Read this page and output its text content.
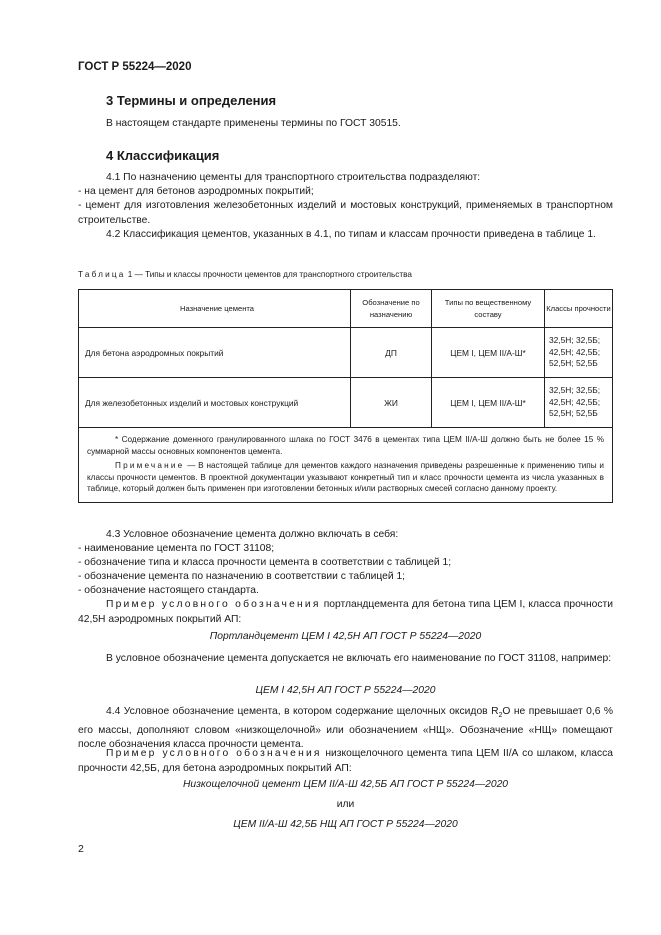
ГОСТ Р 55224—2020
3 Термины и определения
В настоящем стандарте применены термины по ГОСТ 30515.
4 Классификация
4.1 По назначению цементы для транспортного строительства подразделяют:
- на цемент для бетонов аэродромных покрытий;
- цемент для изготовления железобетонных изделий и мостовых конструкций, применяемых в транспортном строительстве.
4.2 Классификация цементов, указанных в 4.1, по типам и классам прочности приведена в таблице 1.
Таблица 1 — Типы и классы прочности цементов для транспортного строительства
Назначение цемента	Обозначение по назначению	Типы по вещественному составу	Классы прочности
Для бетона аэродромных покрытий	ДП	ЦЕМ I, ЦЕМ II/А-Ш*	32,5Н; 32,5Б;
42,5Н; 42,5Б;
52,5Н; 52,5Б

Для железобетонных изделий и мостовых конструкций	ЖИ	ЦЕМ I, ЦЕМ II/А-Ш*	32,5Н; 32,5Б;
42,5Н; 42,5Б;
52,5Н; 52,5Б

* Содержание доменного гранулированного шлака по ГОСТ 3476 в цементах типа ЦЕМ II/А-Ш должно быть не более 15 % суммарной массы основных компонентов цемента.

Примечание — В настоящей таблице для цементов каждого назначения приведены разрешенные к применению типы и классы прочности цементов. В проектной документации указывают конкретный тип и класс прочности цемента из числа указанных в таблице, который должен быть применен при изготовлении бетонных и/или растворных смесей согласно данному проекту.			

4.3 Условное обозначение цемента должно включать в себя:
- наименование цемента по ГОСТ 31108;
- обозначение типа и класса прочности цемента в соответствии с таблицей 1;
- обозначение цемента по назначению в соответствии с таблицей 1;
- обозначение настоящего стандарта.
Пример условного обозначения портландцемента для бетона типа ЦЕМ I, класса прочности 42,5Н аэродромных покрытий АП:
Портландцемент ЦЕМ I 42,5Н АП ГОСТ Р 55224—2020
В условное обозначение цемента допускается не включать его наименование по ГОСТ 31108, например:
ЦЕМ I 42,5Н АП ГОСТ Р 55224—2020
4.4 Условное обозначение цемента, в котором содержание щелочных оксидов $R_2O$ не превышает 0,6 % его массы, дополняют словом «низкощелочной» или обозначением «НЩ». Обозначение «НЩ» помещают после обозначения класса прочности цемента.
Пример условного обозначения низкощелочного цемента типа ЦЕМ II/А со шлаком, класса прочности 42,5Б, для бетона аэродромных покрытий АП:
Низкощелочной цемент ЦЕМ II/А-Ш 42,5Б АП ГОСТ Р 55224—2020
или
ЦЕМ II/А-Ш 42,5Б НЩ АП ГОСТ Р 55224—2020
2
